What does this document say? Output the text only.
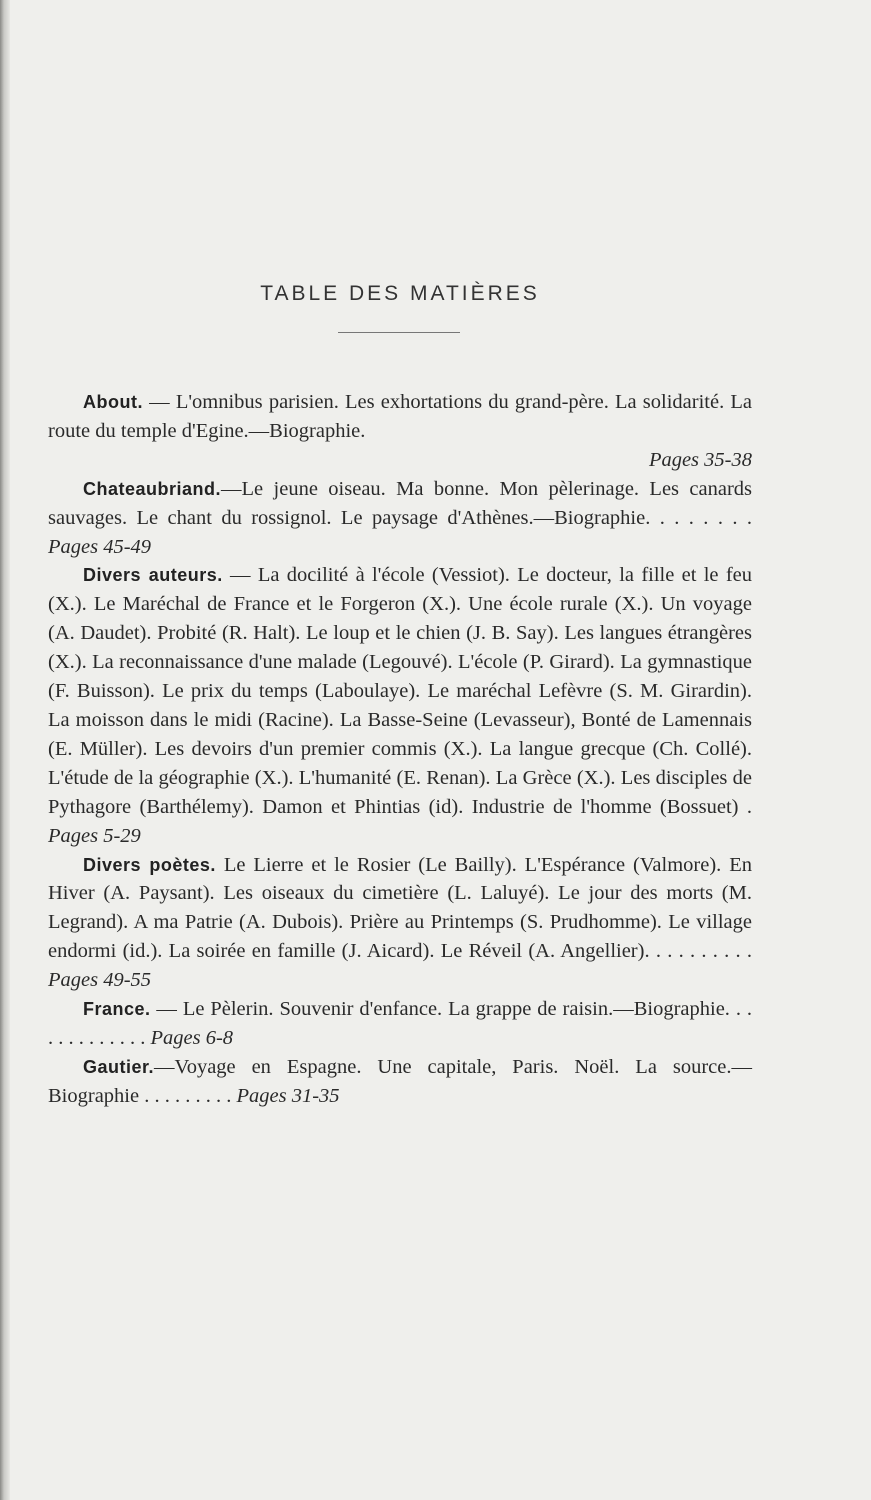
TABLE DES MATIÈRES

About. — L'omnibus parisien. Les exhortations du grand-père. La solidarité. La route du temple d'Egine.—Biographie.
Pages 35-38

Chateaubriand.—Le jeune oiseau. Ma bonne. Mon pèlerinage. Les canards sauvages. Le chant du rossignol. Le paysage d'Athènes.—Biographie. . . . . . . . Pages 45-49

Divers auteurs. — La docilité à l'école (Vessiot). Le docteur, la fille et le feu (X.). Le Maréchal de France et le Forgeron (X.). Une école rurale (X.). Un voyage (A. Daudet). Probité (R. Halt). Le loup et le chien (J. B. Say). Les langues étrangères (X.). La reconnaissance d'une malade (Legouvé). L'école (P. Girard). La gymnastique (F. Buisson). Le prix du temps (Laboulaye). Le maréchal Lefèvre (S. M. Girardin). La moisson dans le midi (Racine). La Basse-Seine (Levasseur), Bonté de Lamennais (E. Müller). Les devoirs d'un premier commis (X.). La langue grecque (Ch. Collé). L'étude de la géographie (X.). L'humanité (E. Renan). La Grèce (X.). Les disciples de Pythagore (Barthélemy). Damon et Phintias (id). Industrie de l'homme (Bossuet) . Pages 5-29

Divers poètes. Le Lierre et le Rosier (Le Bailly). L'Espérance (Valmore). En Hiver (A. Paysant). Les oiseaux du cimetière (L. Laluyé). Le jour des morts (M. Legrand). A ma Patrie (A. Dubois). Prière au Printemps (S. Prudhomme). Le village endormi (id.). La soirée en famille (J. Aicard). Le Réveil (A. Angellier). . . . . . . . . . Pages 49-55

France. — Le Pèlerin. Souvenir d'enfance. La grappe de raisin.—Biographie. . . . . . . . . . . . . Pages 6-8

Gautier.—Voyage en Espagne. Une capitale, Paris. Noël. La source.—Biographie . . . . . . . . . Pages 31-35
